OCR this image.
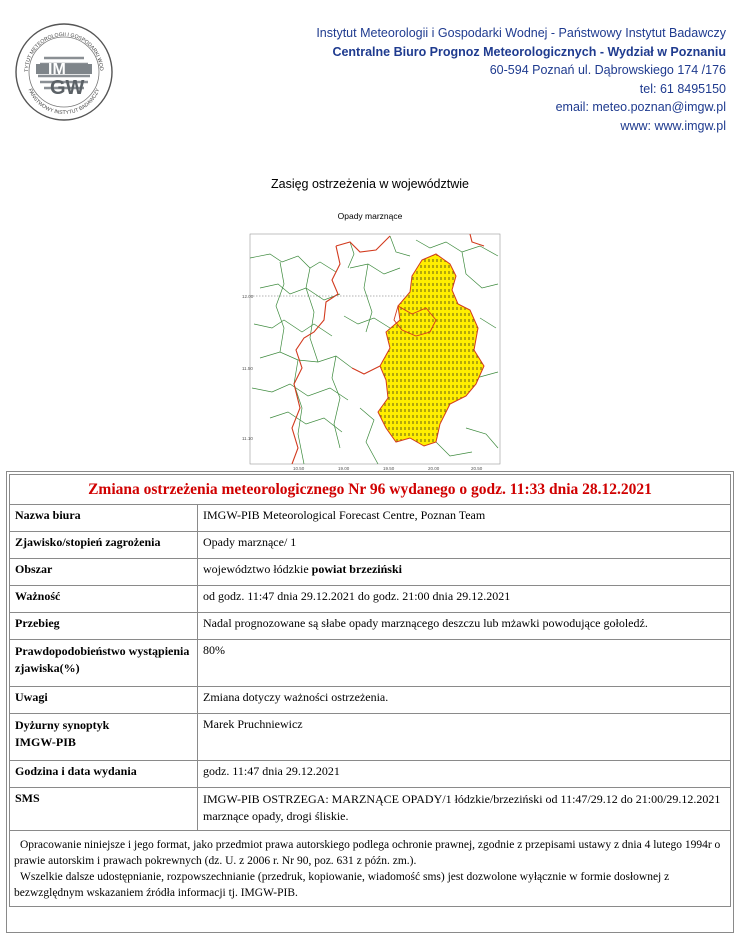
TYTUT METEOROLOGII I GOSPODARKI WOD
PAŃSTWOWY INSTYTUT BADAWCZY
IM
GW
Instytut Meteorologii i Gospodarki Wodnej - Państwowy Instytut Badawczy
Centralne Biuro Prognoz Meteorologicznych - Wydział w Poznaniu
60-594 Poznań ul. Dąbrowskiego 174 /176
tel: 61 8495150
email: meteo.poznan@imgw.pl
www: www.imgw.pl
Zasięg ostrzeżenia w województwie
Opady marznące
12.00
11.50
11.10
10.50	19.00	19.50	20.00	20.50
Zmiana ostrzeżenia meteorologicznego Nr 96 wydanego o godz. 11:33 dnia 28.12.2021	
Nazwa biura	IMGW-PIB Meteorological Forecast Centre, Poznan Team
Zjawisko/stopień zagrożenia	Opady marznące/ 1
Obszar	województwo łódzkie powiat brzeziński
Ważność	od godz. 11:47 dnia 29.12.2021 do godz. 21:00 dnia 29.12.2021
Przebieg	Nadal prognozowane są słabe opady marznącego deszczu lub mżawki powodujące gołoledź.
Prawdopodobieństwo wystąpienia zjawiska(%)	80%
Uwagi	Zmiana dotyczy ważności ostrzeżenia.

Dyżurny synoptyk IMGW-PIB	Marek Pruchniewicz
Godzina i data wydania	godz. 11:47 dnia 29.12.2021
SMS	IMGW-PIB OSTRZEGA: MARZNĄCE OPADY/1 łódzkie/brzeziński od 11:47/29.12 do 21:00/29.12.2021 marznące opady, drogi śliskie.

Opracowanie niniejsze i jego format, jako przedmiot prawa autorskiego podlega ochronie prawnej, zgodnie z przepisami ustawy z dnia 4 lutego 1994r o prawie autorskim i prawach pokrewnych (dz. U. z 2006 r. Nr 90, poz. 631 z późn. zm.).

Wszelkie dalsze udostępnianie, rozpowszechnianie (przedruk, kopiowanie, wiadomość sms) jest dozwolone wyłącznie w formie dosłownej z bezwzględnym wskazaniem źródła informacji tj. IMGW-PIB.	
